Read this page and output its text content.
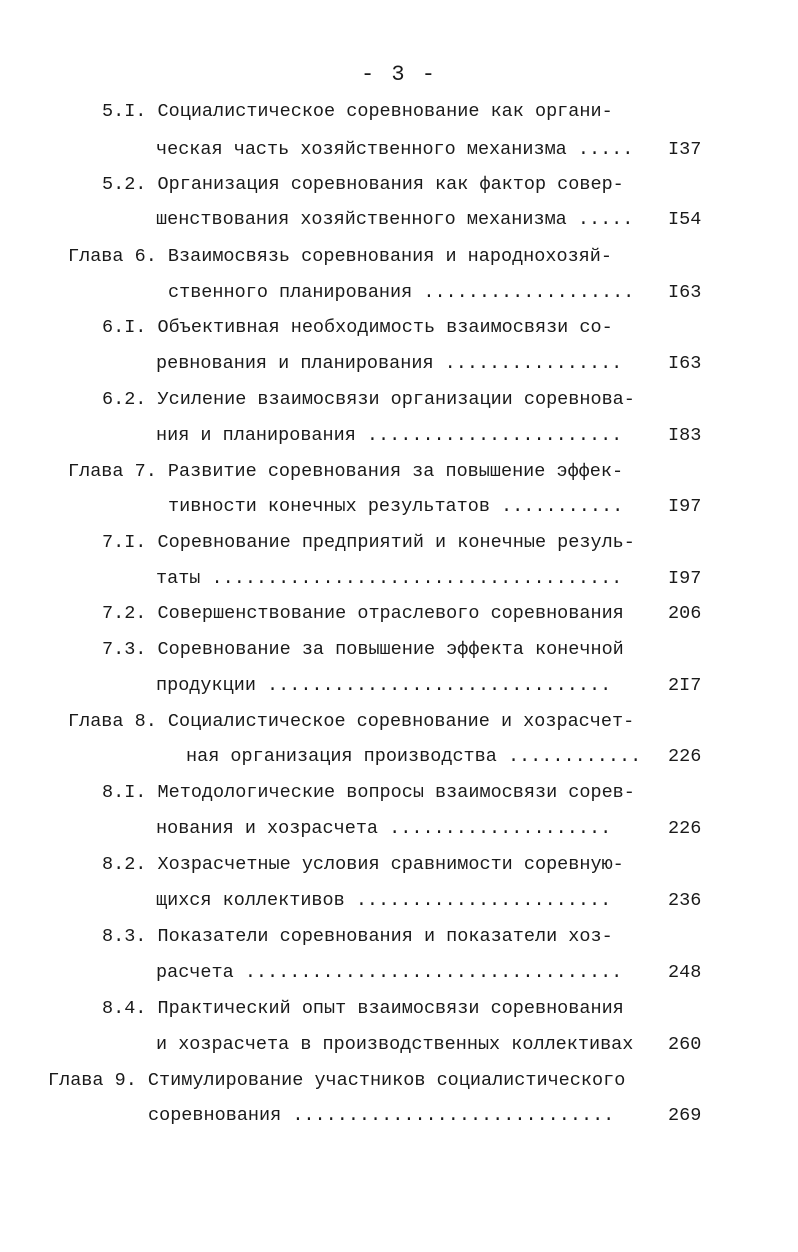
- 3 -
5.I. Социалистическое соревнование как органи-
ческая часть хозяйственного механизма ..... I37
5.2. Организация соревнования как фактор совер-
шенствования хозяйственного механизма ..... I54
Глава 6. Взаимосвязь соревнования и народнохозяй-
ственного планирования ................... I63
6.I. Объективная необходимость взаимосвязи со-
ревнования и планирования ................ I63
6.2. Усиление взаимосвязи организации соревнова-
ния и планирования ....................... I83
Глава 7. Развитие соревнования за повышение эффек-
тивности конечных результатов ........... I97
7.I. Соревнование предприятий и конечные резуль-
таты ..................................... I97
7.2. Совершенствование отраслевого соревнования 206
7.3. Соревнование за повышение эффекта конечной
продукции ...............................	2I7
Глава 8. Социалистическое соревнование и хозрасчет-
ная организация производства ............ 226
8.I. Методологические вопросы взаимосвязи сорев-
нования и хозрасчета ....................	226
8.2. Хозрасчетные условия сравнимости соревную-
щихся коллективов .......................	236
8.3. Показатели соревнования и показатели хоз-
расчета .................................. 248
8.4. Практический опыт взаимосвязи соревнования
и хозрасчета в производственных коллективах 260
Глава 9. Стимулирование участников социалистического
соревнования .............................	269
